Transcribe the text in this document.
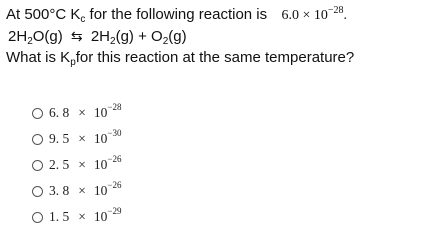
At 500°C $K_c$ for the following reaction is $6.0 \times 10^{-28}$.
$2H_2O(g)$ ⇆ $2H_2(g) + O_2(g)$
What is $K_pfor$ this reaction at the same temperature?
6. $8 \times 10^{-28}$
9. $5 \times 10^{-30}$
2. $5 \times 10^{-26}$
3. $8 \times 10^{-26}$
1. $5 \times 10^{-29}$
